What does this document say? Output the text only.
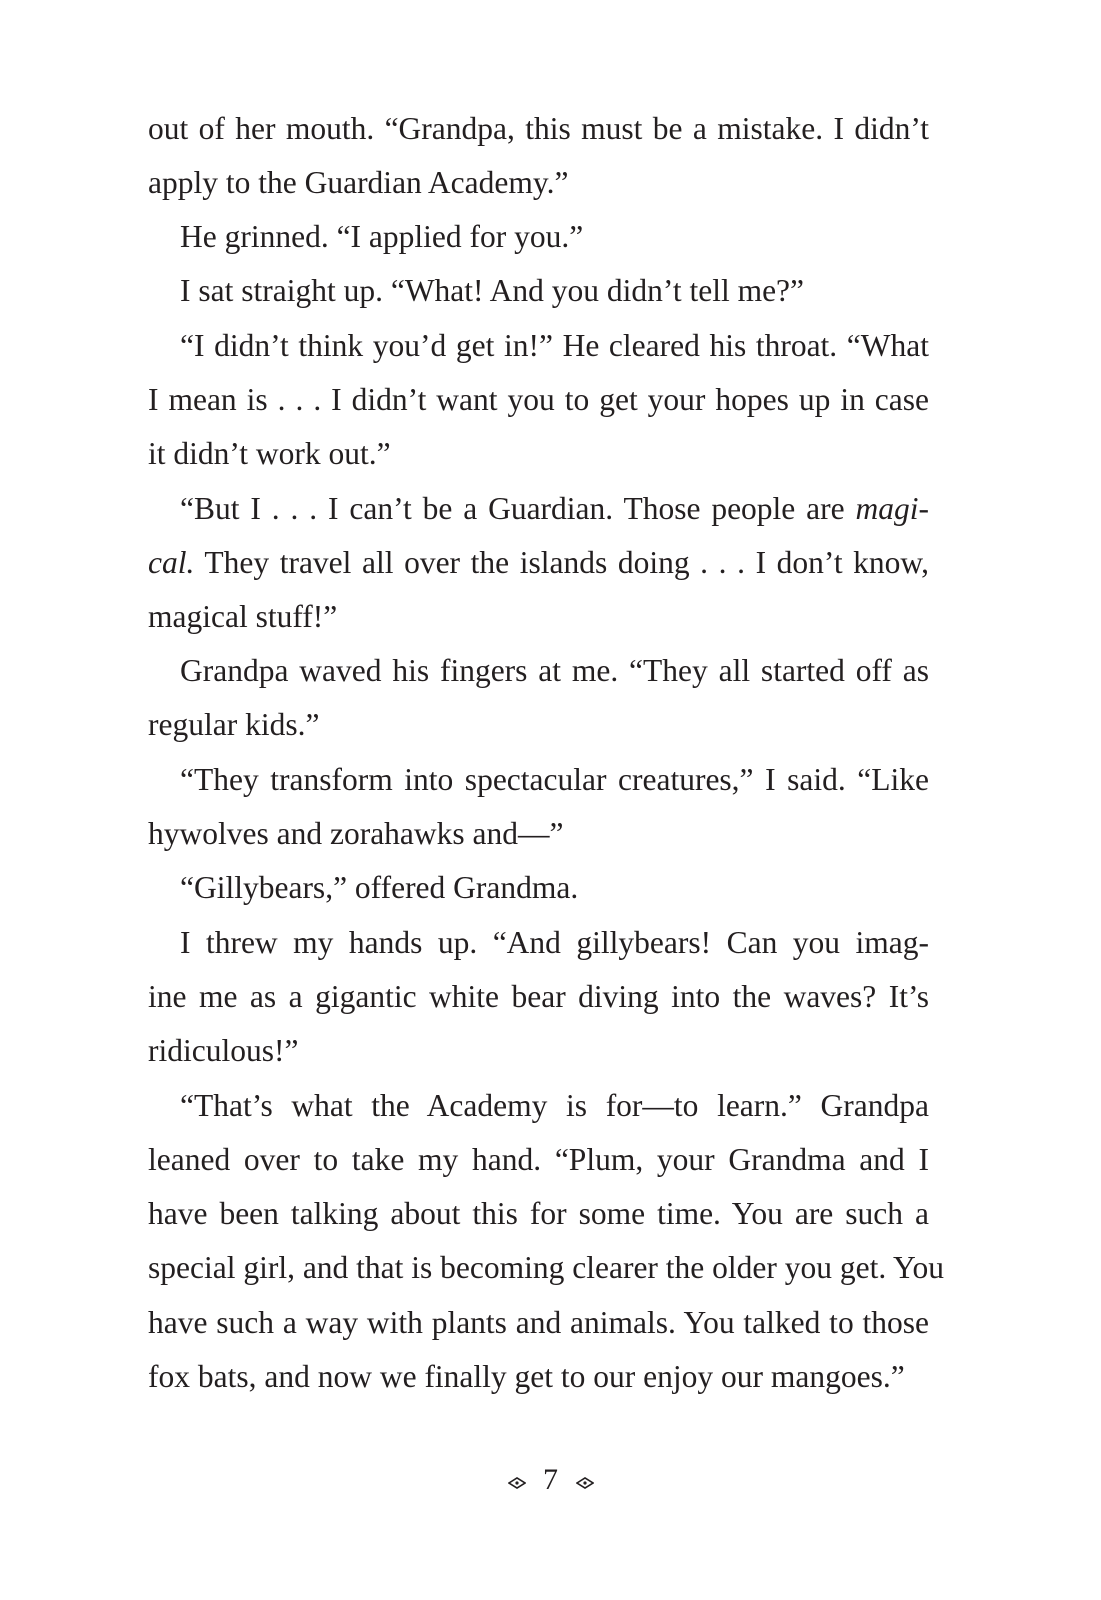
out of her mouth. “Grandpa, this must be a mistake. I didn’t
apply to the Guardian Academy.”
He grinned. “I applied for you.”
I sat straight up. “What! And you didn’t tell me?”
“I didn’t think you’d get in!” He cleared his throat. “What
I mean is . . . I didn’t want you to get your hopes up in case
it didn’t work out.”
“But I . . . I can’t be a Guardian. Those people are magi-
cal. They travel all over the islands doing . . . I don’t know,
magical stuff!”
Grandpa waved his fingers at me. “They all started off as
regular kids.”
“They transform into spectacular creatures,” I said. “Like
hywolves and zorahawks and—”
“Gillybears,” offered Grandma.
I threw my hands up. “And gillybears! Can you imag-
ine me as a gigantic white bear diving into the waves? It’s
ridiculous!”
“That’s what the Academy is for—to learn.” Grandpa
leaned over to take my hand. “Plum, your Grandma and I
have been talking about this for some time. You are such a
special girl, and that is becoming clearer the older you get. You
have such a way with plants and animals. You talked to those
fox bats, and now we finally get to our enjoy our mangoes.”
7
